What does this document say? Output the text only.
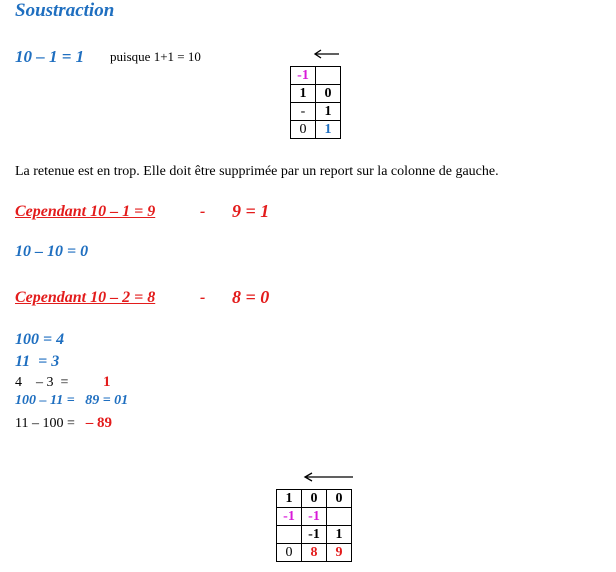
Soustraction
10 – 1 = 1 puisque 1+1 = 10
-1	
1	0
-	1
0	1
La retenue est en trop. Elle doit être supprimée par un report sur la colonne de gauche.
Cependant 10 – 1 = 9	- 9 = 1
10 – 10 = 0
Cependant 10 – 2 = 8	- 8 = 0
100 = 4
11  = 3
4    – 3  = 1
100 – 11 =   89 = 01
11 – 100 = – 89
1	0	0
-1	-1	
	-1	1
0	8	9
